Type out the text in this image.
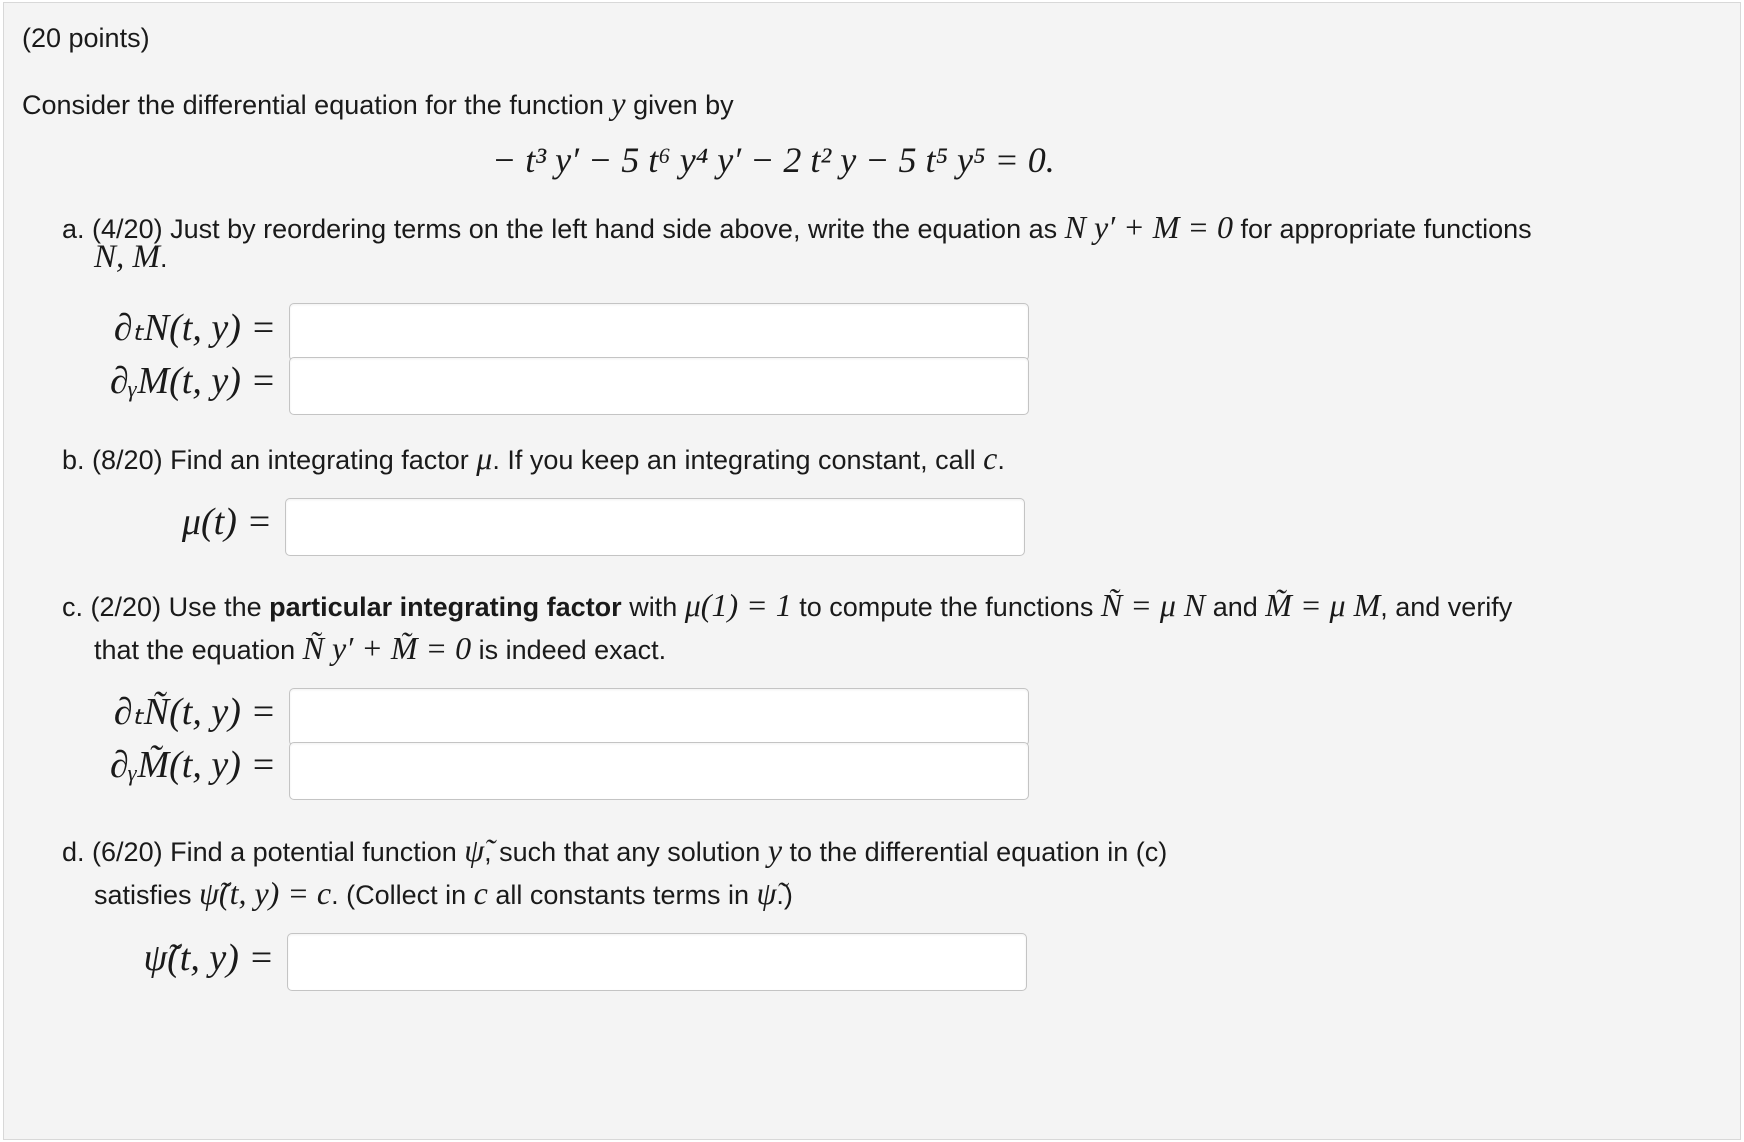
(20 points)
Consider the differential equation for the function y given by
− t³ y′ − 5 t⁶ y⁴ y′ − 2 t² y − 5 t⁵ y⁵ = 0.
a. (4/20) Just by reordering terms on the left hand side above, write the equation as N y′ + M = 0 for appropriate functions
N, M.
∂ₜN(t, y) =
∂ᵧM(t, y) =
b. (8/20) Find an integrating factor μ. If you keep an integrating constant, call c.
μ(t) =
c. (2/20) Use the particular integrating factor with μ(1) = 1 to compute the functions Ñ = μ N and M̃ = μ M, and verify
that the equation Ñ y′ + M̃ = 0 is indeed exact.
∂ₜÑ(t, y) =
∂ᵧM̃(t, y) =
d. (6/20) Find a potential function ψ̃, such that any solution y to the differential equation in (c)
satisfies ψ̃(t, y) = c. (Collect in c all constants terms in ψ̃.)
ψ̃(t, y) =
